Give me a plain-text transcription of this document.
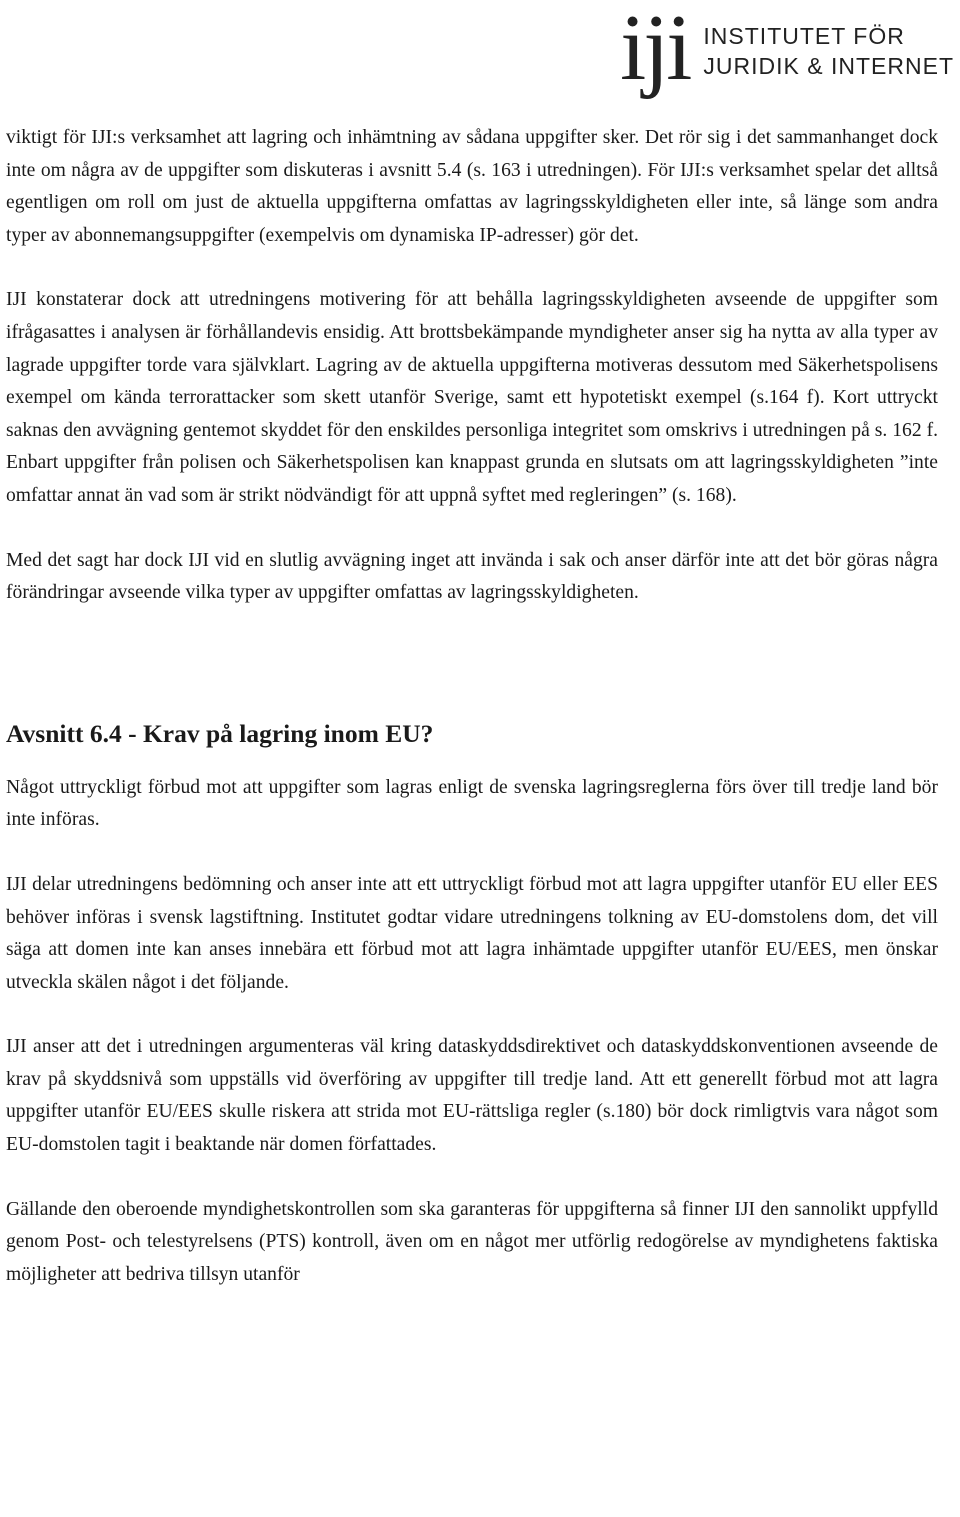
iji INSTITUTET FÖR
JURIDIK & INTERNET

viktigt för IJI:s verksamhet att lagring och inhämtning av sådana uppgifter sker. Det rör sig i det sammanhanget dock inte om några av de uppgifter som diskuteras i avsnitt 5.4 (s. 163 i utredningen). För IJI:s verksamhet spelar det alltså egentligen om roll om just de aktuella uppgifterna omfattas av lagringsskyldigheten eller inte, så länge som andra typer av abonnemangsuppgifter (exempelvis om dynamiska IP-adresser) gör det.

IJI konstaterar dock att utredningens motivering för att behålla lagringsskyldigheten avseende de uppgifter som ifrågasattes i analysen är förhållandevis ensidig. Att brottsbekämpande myndigheter anser sig ha nytta av alla typer av lagrade uppgifter torde vara självklart. Lagring av de aktuella uppgifterna motiveras dessutom med Säkerhetspolisens exempel om kända terrorattacker som skett utanför Sverige, samt ett hypotetiskt exempel (s.164 f). Kort uttryckt saknas den avvägning gentemot skyddet för den enskildes personliga integritet som omskrivs i utredningen på s. 162 f. Enbart uppgifter från polisen och Säkerhetspolisen kan knappast grunda en slutsats om att lagringsskyldigheten ”inte omfattar annat än vad som är strikt nödvändigt för att uppnå syftet med regleringen” (s. 168).

Med det sagt har dock IJI vid en slutlig avvägning inget att invända i sak och anser därför inte att det bör göras några förändringar avseende vilka typer av uppgifter omfattas av lagringsskyldigheten.

Avsnitt 6.4 - Krav på lagring inom EU?

Något uttryckligt förbud mot att uppgifter som lagras enligt de svenska lagringsreglerna förs över till tredje land bör inte införas.

IJI delar utredningens bedömning och anser inte att ett uttryckligt förbud mot att lagra uppgifter utanför EU eller EES behöver införas i svensk lagstiftning. Institutet godtar vidare utredningens tolkning av EU-domstolens dom, det vill säga att domen inte kan anses innebära ett förbud mot att lagra inhämtade uppgifter utanför EU/EES, men önskar utveckla skälen något i det följande.

IJI anser att det i utredningen argumenteras väl kring dataskyddsdirektivet och dataskyddskonventionen avseende de krav på skyddsnivå som uppställs vid överföring av uppgifter till tredje land. Att ett generellt förbud mot att lagra uppgifter utanför EU/EES skulle riskera att strida mot EU-rättsliga regler (s.180) bör dock rimligtvis vara något som EU-domstolen tagit i beaktande när domen författades.

Gällande den oberoende myndighetskontrollen som ska garanteras för uppgifterna så finner IJI den sannolikt uppfylld genom Post- och telestyrelsens (PTS) kontroll, även om en något mer utförlig redogörelse av myndighetens faktiska möjligheter att bedriva tillsyn utanför
